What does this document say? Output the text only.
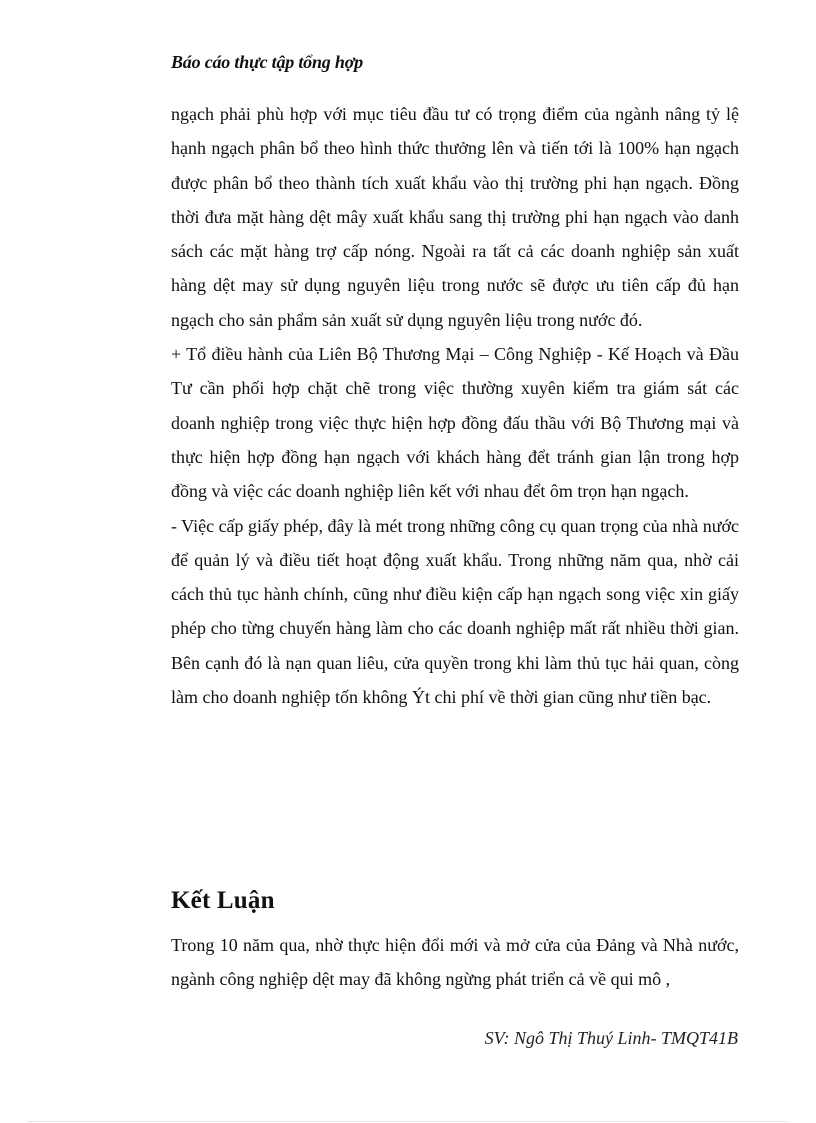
Báo cáo thực tập tổng hợp

ngạch phải phù hợp với mục tiêu đầu tư có trọng điểm của ngành nâng tỷ lệ hạnh ngạch phân bổ theo hình thức thưởng lên và tiến tới là 100% hạn ngạch được phân bổ theo thành tích xuất khẩu vào thị trường phi hạn ngạch. Đồng thời đưa mặt hàng dệt mây xuất khẩu sang thị trường phi hạn ngạch vào danh sách các mặt hàng trợ cấp nóng. Ngoài ra tất cả các doanh nghiệp sản xuất hàng dệt may sử dụng nguyên liệu trong nước sẽ được ưu tiên cấp đủ hạn ngạch cho sản phẩm sản xuất sử dụng nguyên liệu trong nước đó.

+ Tổ điều hành của Liên Bộ Thương Mại – Công Nghiệp - Kế Hoạch và Đầu Tư cần phối hợp chặt chẽ trong việc thường xuyên kiểm tra giám sát các doanh nghiệp trong việc thực hiện hợp đồng đấu thầu với Bộ Thương mại và thực hiện hợp đồng hạn ngạch với khách hàng đểt tránh gian lận trong hợp đồng và việc các doanh nghiệp liên kết với nhau đểt ôm trọn hạn ngạch.

- Việc cấp giấy phép, đây là mét trong những công cụ quan trọng của nhà nước để quản lý và điều tiết hoạt động xuất khẩu. Trong những năm qua, nhờ cải cách thủ tục hành chính, cũng như điều kiện cấp hạn ngạch song việc xin giấy phép cho từng chuyến hàng làm cho các doanh nghiệp mất rất nhiều thời gian. Bên cạnh đó là nạn quan liêu, cửa quyền trong khi làm thủ tục hải quan, còng làm cho doanh nghiệp tốn không Ýt chi phí về thời gian cũng như tiền bạc.

Kết Luận

Trong 10 năm qua, nhờ thực hiện đổi mới và mở cửa của Đảng và Nhà nước, ngành công nghiệp dệt may đã không ngừng phát triển cả về qui mô ,

SV: Ngô Thị Thuý Linh- TMQT41B
